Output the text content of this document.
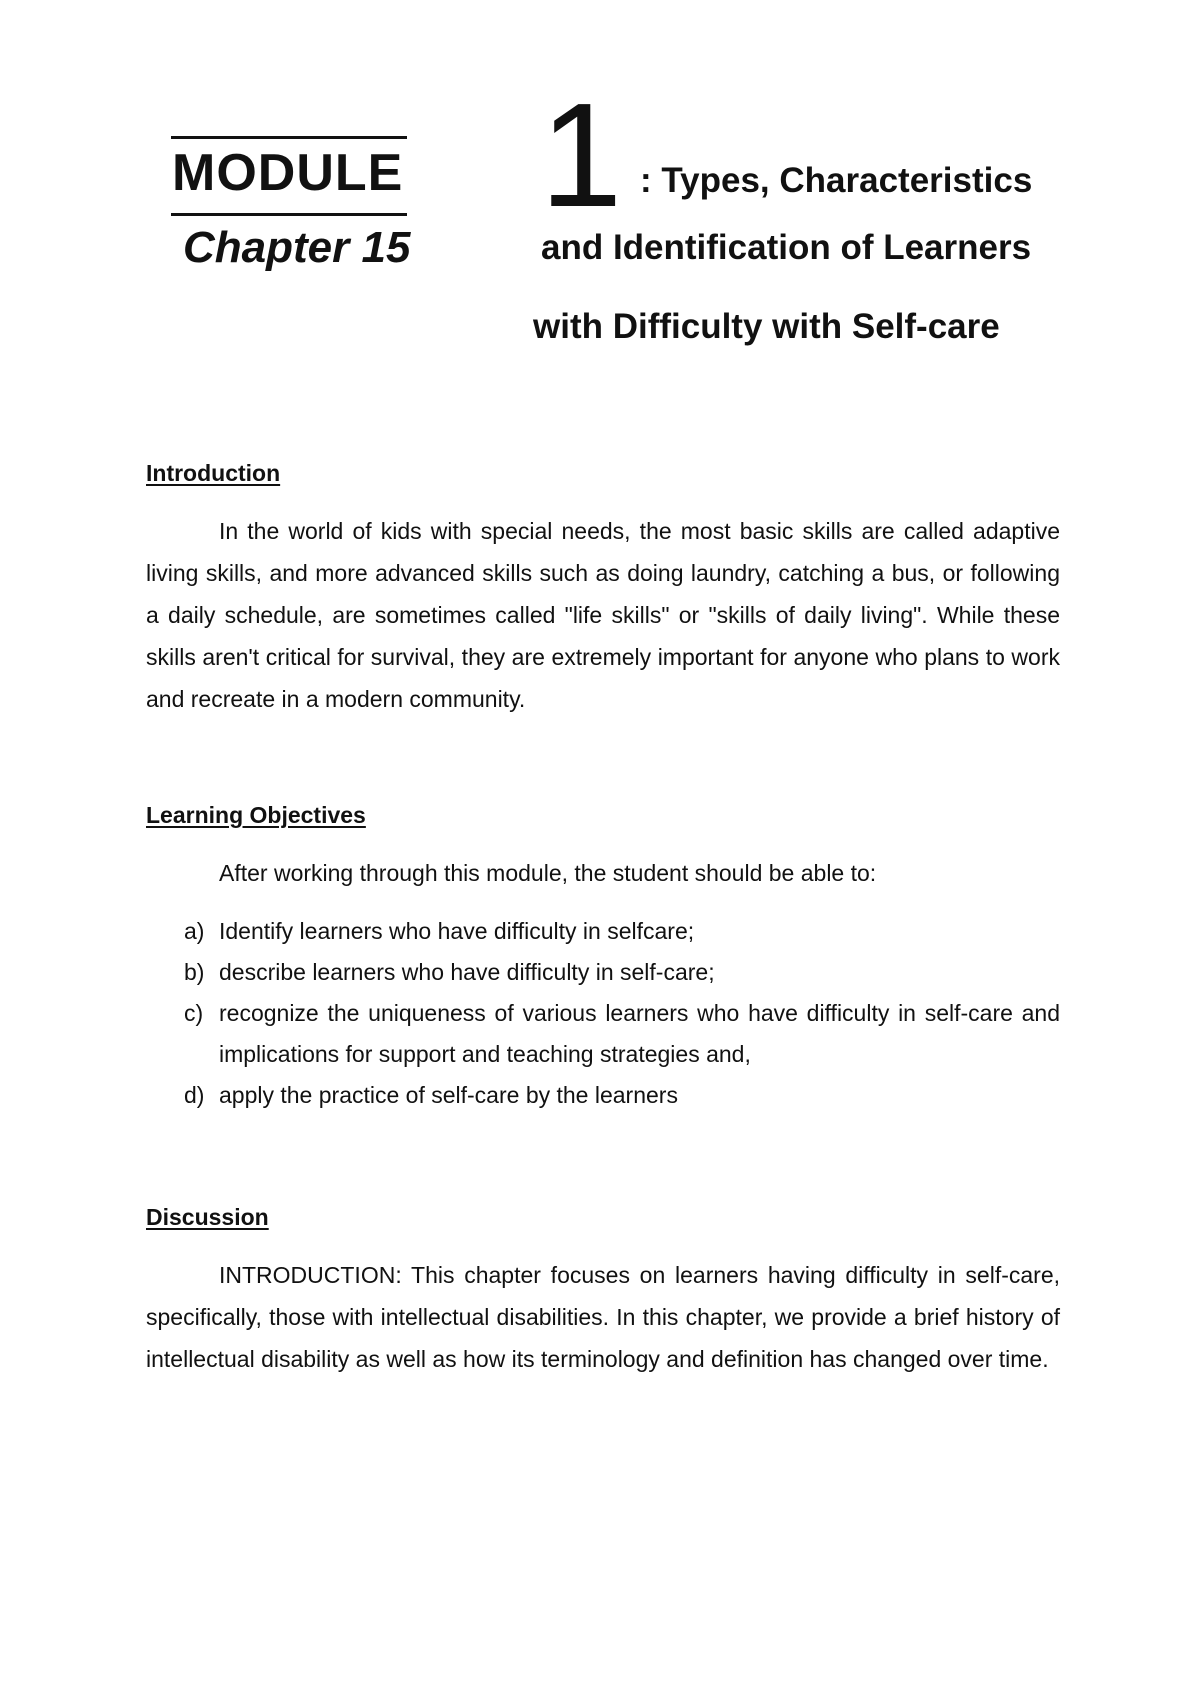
MODULE
Chapter 15
1 : Types, Characteristics
and Identification of Learners
with Difficulty with Self-care
Introduction

In the world of kids with special needs, the most basic skills are called adaptive living skills, and more advanced skills such as doing laundry, catching a bus, or following a daily schedule, are sometimes called "life skills" or "skills of daily living". While these skills aren't critical for survival, they are extremely important for anyone who plans to work and recreate in a modern community.

Learning Objectives
After working through this module, the student should be able to:
a) Identify learners who have difficulty in selfcare;
b) describe learners who have difficulty in self-care;
c) recognize the uniqueness of various learners who have difficulty in self-care and implications for support and teaching strategies and,
d) apply the practice of self-care by the learners
Discussion

INTRODUCTION: This chapter focuses on learners having difficulty in self-care, specifically, those with intellectual disabilities. In this chapter, we provide a brief history of intellectual disability as well as how its terminology and definition has changed over time.
